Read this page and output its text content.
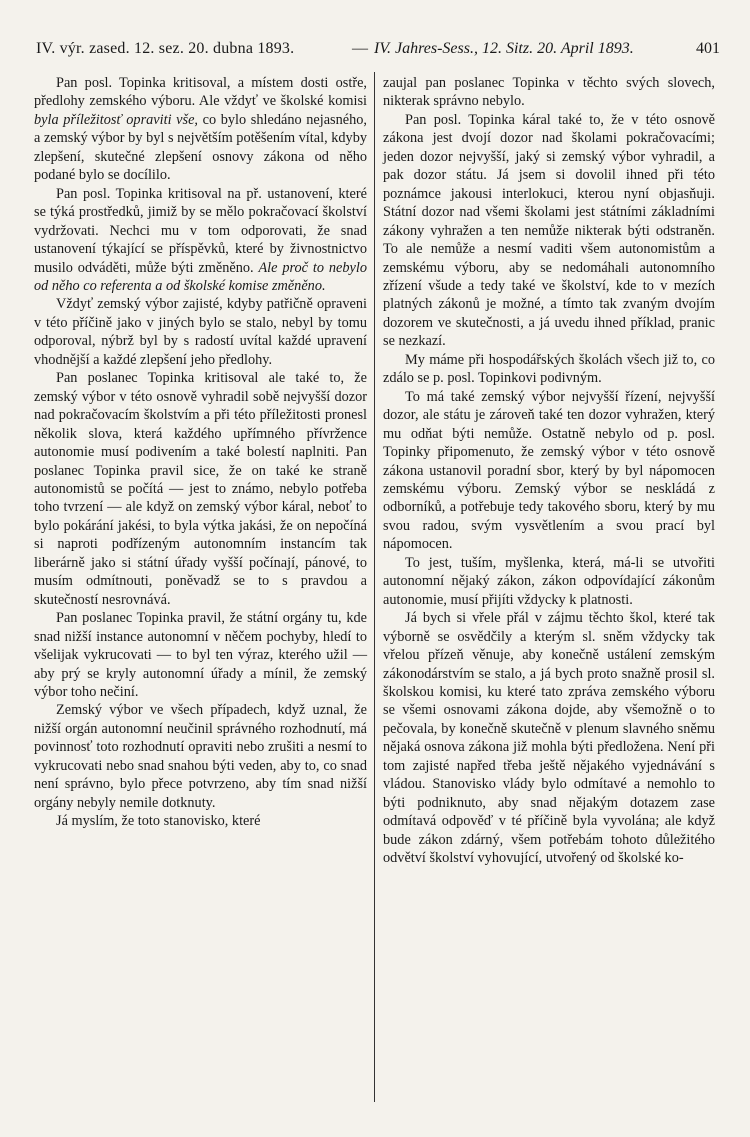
IV. výr. zased. 12. sez. 20. dubna 1893.	— IV. Jahres-Sess., 12. Sitz. 20. April 1893.	401

Pan posl. Topinka kritisoval, a místem dosti ostře, předlohy zemského výboru. Ale vždyť ve školské komisi byla příležitosť opraviti vše, co bylo shledáno nejasného, a zemský výbor by byl s největším potěšením vítal, kdyby zlepšení, skutečné zlepšení osnovy zákona od něho podané bylo se docílilo.

Pan posl. Topinka kritisoval na př. ustanovení, které se týká prostředků, jimiž by se mělo pokračovací školství vydržovati. Nechci mu v tom odporovati, že snad ustanovení týkající se příspěvků, které by živnostnictvo musilo odváděti, může býti změněno. Ale proč to nebylo od něho co referenta a od školské komise změněno.

Vždyť zemský výbor zajisté, kdyby patřičně opraveni v této příčině jako v jiných bylo se stalo, nebyl by tomu odporoval, nýbrž byl by s radostí uvítal každé upravení vhodnější a každé zlepšení jeho předlohy.

Pan poslanec Topinka kritisoval ale také to, že zemský výbor v této osnově vyhradil sobě nejvyšší dozor nad pokračovacím školstvím a při této příležitosti pronesl několik slova, která každého upřímného přívržence autonomie musí podivením a také bolestí naplniti. Pan poslanec Topinka pravil sice, že on také ke straně autonomistů se počítá — jest to známo, nebylo potřeba toho tvrzení — ale když on zemský výbor káral, neboť to bylo pokárání jakési, to byla výtka jakási, že on nepočíná si naproti podřízeným autonomním instancím tak liberárně jako si státní úřady vyšší počínají, pánové, to musím odmítnouti, poněvadž se to s pravdou a skutečností nesrovnává.

Pan poslanec Topinka pravil, že státní orgány tu, kde snad nižší instance autonomní v něčem pochyby, hledí to všelijak vykrucovati — to byl ten výraz, kterého užil — aby prý se kryly autonomní úřady a mínil, že zemský výbor toho nečiní.

Zemský výbor ve všech případech, když uznal, že nižší orgán autonomní neučinil správného rozhodnutí, má povinnosť toto rozhodnutí opraviti nebo zrušiti a nesmí to vykrucovati nebo snad snahou býti veden, aby to, co snad není správno, bylo přece potvrzeno, aby tím snad nižší orgány nebyly nemile dotknuty.

Já myslím, že toto stanovisko, které

zaujal pan poslanec Topinka v těchto svých slovech, nikterak správno nebylo.

Pan posl. Topinka káral také to, že v této osnově zákona jest dvojí dozor nad školami pokračovacími; jeden dozor nejvyšší, jaký si zemský výbor vyhradil, a pak dozor státu. Já jsem si dovolil ihned při této poznámce jakousi interlokuci, kterou nyní objasňuji. Státní dozor nad všemi školami jest státními základními zákony vyhražen a ten nemůže nikterak býti odstraněn. To ale nemůže a nesmí vaditi všem autonomistům a zemskému výboru, aby se nedomáhali autonomního zřízení všude a tedy také ve školství, kde to v mezích platných zákonů je možné, a tímto tak zvaným dvojím dozorem ve skutečnosti, a já uvedu ihned příklad, pranic se nezkazí.

My máme při hospodářských školách všech již to, co zdálo se p. posl. Topinkovi podivným.

To má také zemský výbor nejvyšší řízení, nejvyšší dozor, ale státu je zároveň také ten dozor vyhražen, který mu odňat býti nemůže. Ostatně nebylo od p. posl. Topinky připomenuto, že zemský výbor v této osnově zákona ustanovil poradní sbor, který by byl nápomocen zemskému výboru. Zemský výbor se neskládá z odborníků, a potřebuje tedy takového sboru, který by mu svou radou, svým vysvětlením a svou prací byl nápomocen.

To jest, tuším, myšlenka, která, má-li se utvořiti autonomní nějaký zákon, zákon odpovídající zákonům autonomie, musí přijíti vždycky k platnosti.

Já bych si vřele přál v zájmu těchto škol, které tak výborně se osvědčily a kterým sl. sněm vždycky tak vřelou přízeň věnuje, aby konečně ustálení zemským zákonodárstvím se stalo, a já bych proto snažně prosil sl. školskou komisi, ku které tato zpráva zemského výboru se všemi osnovami zákona dojde, aby všemožně o to pečovala, by konečně skutečně v plenum slavného sněmu nějaká osnova zákona již mohla býti předložena. Není při tom zajisté napřed třeba ještě nějakého vyjednávání s vládou. Stanovisko vlády bylo odmítavé a nemohlo to býti podniknuto, aby snad nějakým dotazem zase odmítavá odpověď v té příčině byla vyvolána; ale když bude zákon zdárný, všem potřebám tohoto důležitého odvětví školství vyhovující, utvořený od školské ko-
